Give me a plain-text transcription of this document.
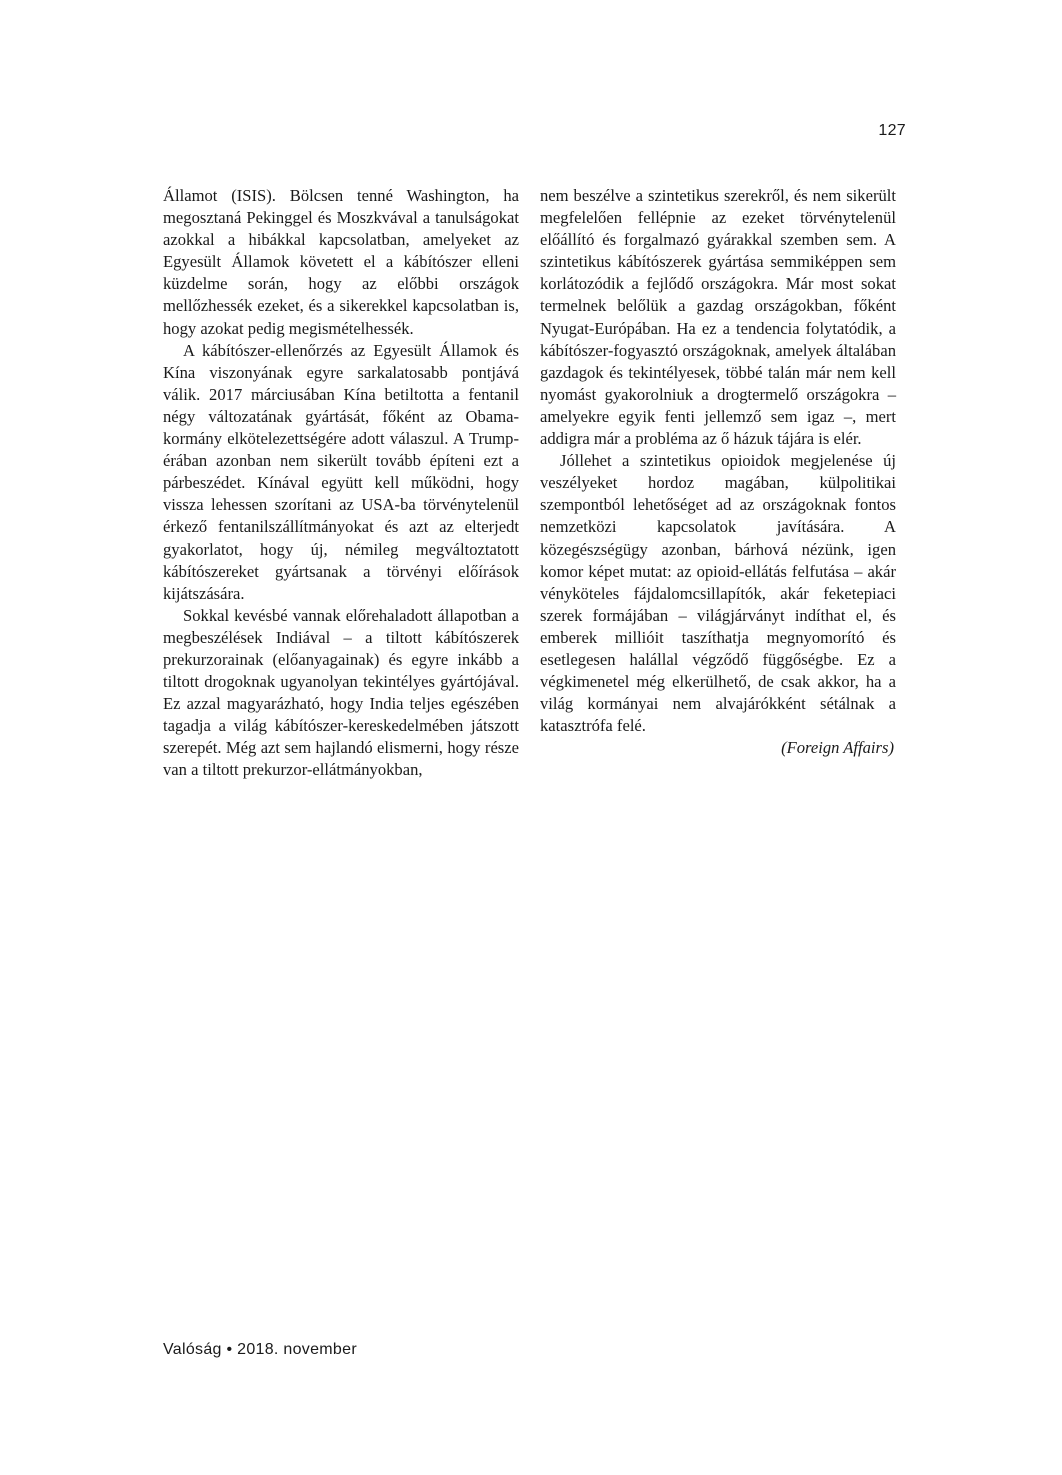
127

Államot (ISIS). Bölcsen tenné Washington, ha megosztaná Pekinggel és Moszkvával a tanulságokat azokkal a hibákkal kapcsolatban, amelyeket az Egyesült Államok követett el a kábítószer elleni küzdelme során, hogy az előbbi országok mellőzhessék ezeket, és a sikerekkel kapcsolatban is, hogy azokat pedig megismételhessék.

A kábítószer-ellenőrzés az Egyesült Államok és Kína viszonyának egyre sarkalatosabb pontjává válik. 2017 márciusában Kína betiltotta a fentanil négy változatának gyártását, főként az Obama-kormány elkötelezettségére adott válaszul. A Trump-érában azonban nem sikerült tovább építeni ezt a párbeszédet. Kínával együtt kell működni, hogy vissza lehessen szorítani az USA-ba törvénytelenül érkező fentanilszállítmányokat és azt az elterjedt gyakorlatot, hogy új, némileg megváltoztatott kábítószereket gyártsanak a törvényi előírások kijátszására.

Sokkal kevésbé vannak előrehaladott állapotban a megbeszélések Indiával – a tiltott kábítószerek prekurzorainak (előanyagainak) és egyre inkább a tiltott drogoknak ugyanolyan tekintélyes gyártójával. Ez azzal magyarázható, hogy India teljes egészében tagadja a világ kábítószer-kereskedelmében játszott szerepét. Még azt sem hajlandó elismerni, hogy része van a tiltott prekurzor-ellátmányokban,

nem beszélve a szintetikus szerekről, és nem sikerült megfelelően fellépnie az ezeket törvénytelenül előállító és forgalmazó gyárakkal szemben sem. A szintetikus kábítószerek gyártása semmiképpen sem korlátozódik a fejlődő országokra. Már most sokat termelnek belőlük a gazdag országokban, főként Nyugat-Európában. Ha ez a tendencia folytatódik, a kábítószer-fogyasztó országoknak, amelyek általában gazdagok és tekintélyesek, többé talán már nem kell nyomást gyakorolniuk a drogtermelő országokra – amelyekre egyik fenti jellemző sem igaz –, mert addigra már a probléma az ő házuk tájára is elér.

Jóllehet a szintetikus opioidok megjelenése új veszélyeket hordoz magában, külpolitikai szempontból lehetőséget ad az országoknak fontos nemzetközi kapcsolatok javítására. A közegészségügy azonban, bárhová nézünk, igen komor képet mutat: az opioid-ellátás felfutása – akár vényköteles fájdalomcsillapítók, akár feketepiaci szerek formájában – világjárványt indíthat el, és emberek millióit taszíthatja megnyomorító és esetlegesen halállal végződő függőségbe. Ez a végkimenetel még elkerülhető, de csak akkor, ha a világ kormányai nem alvajárókként sétálnak a katasztrófa felé.

(Foreign Affairs)
Valóság • 2018. november
